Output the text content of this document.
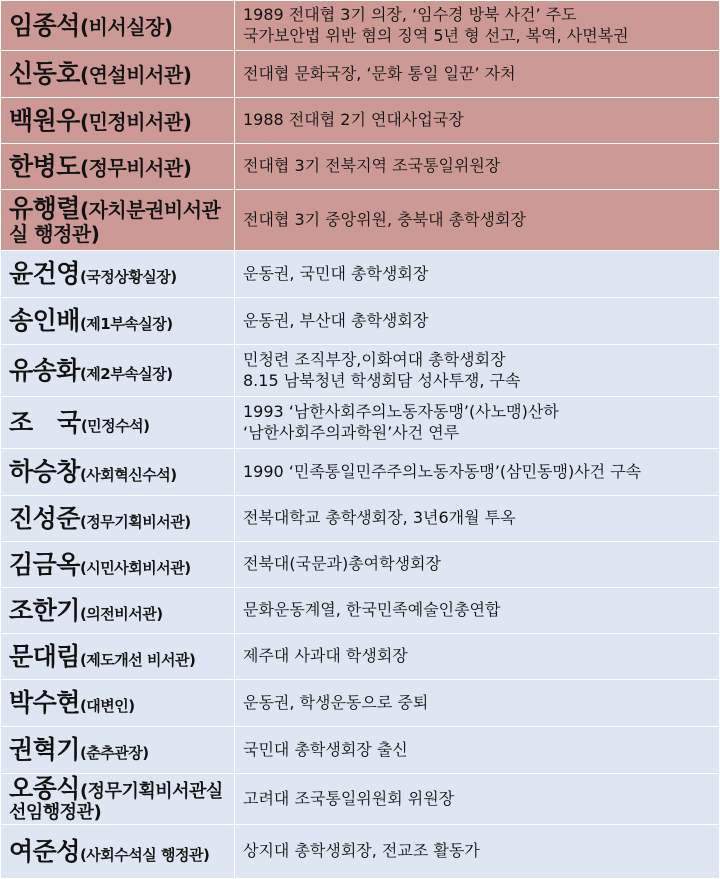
임종석(비서실장)	1989 전대협 3기 의장, ‘임수경 방북 사건’ 주도
국가보안법 위반 혐의 징역 5년 형 선고, 복역, 사면복권

신동호(연설비서관)	전대협 문화국장, ‘문화 통일 일꾼’ 자처

백원우(민정비서관)	1988 전대협 2기 연대사업국장

한병도(정무비서관)	전대협 3기 전북지역 조국통일위원장

유행렬(자치분권비서관실 행정관)	전대협 3기 중앙위원, 충북대 총학생회장

윤건영(국정상황실장)	운동권, 국민대 총학생회장

송인배(제1부속실장)	운동권, 부산대 총학생회장

유송화(제2부속실장)	민청련 조직부장,이화여대 총학생회장
8.15 남북청년 학생회담 성사투쟁, 구속

조　국(민정수석)	1993 ‘남한사회주의노동자동맹’(사노맹)산하
‘남한사회주의과학원’사건 연루

하승창(사회혁신수석)	1990 ‘민족통일민주주의노동자동맹’(삼민동맹)사건 구속

진성준(정무기획비서관)	전북대학교 총학생회장, 3년6개월 투옥

김금옥(시민사회비서관)	전북대(국문과)총여학생회장

조한기(의전비서관)	문화운동계열, 한국민족예술인총연합

문대림(제도개선 비서관)	제주대 사과대 학생회장

박수현(대변인)	운동권, 학생운동으로 중퇴

권혁기(춘추관장)	국민대 총학생회장 출신

오종식(정무기획비서관실선임행정관)	고려대 조국통일위원회 위원장

여준성(사회수석실 행정관)	상지대 총학생회장, 전교조 활동가
